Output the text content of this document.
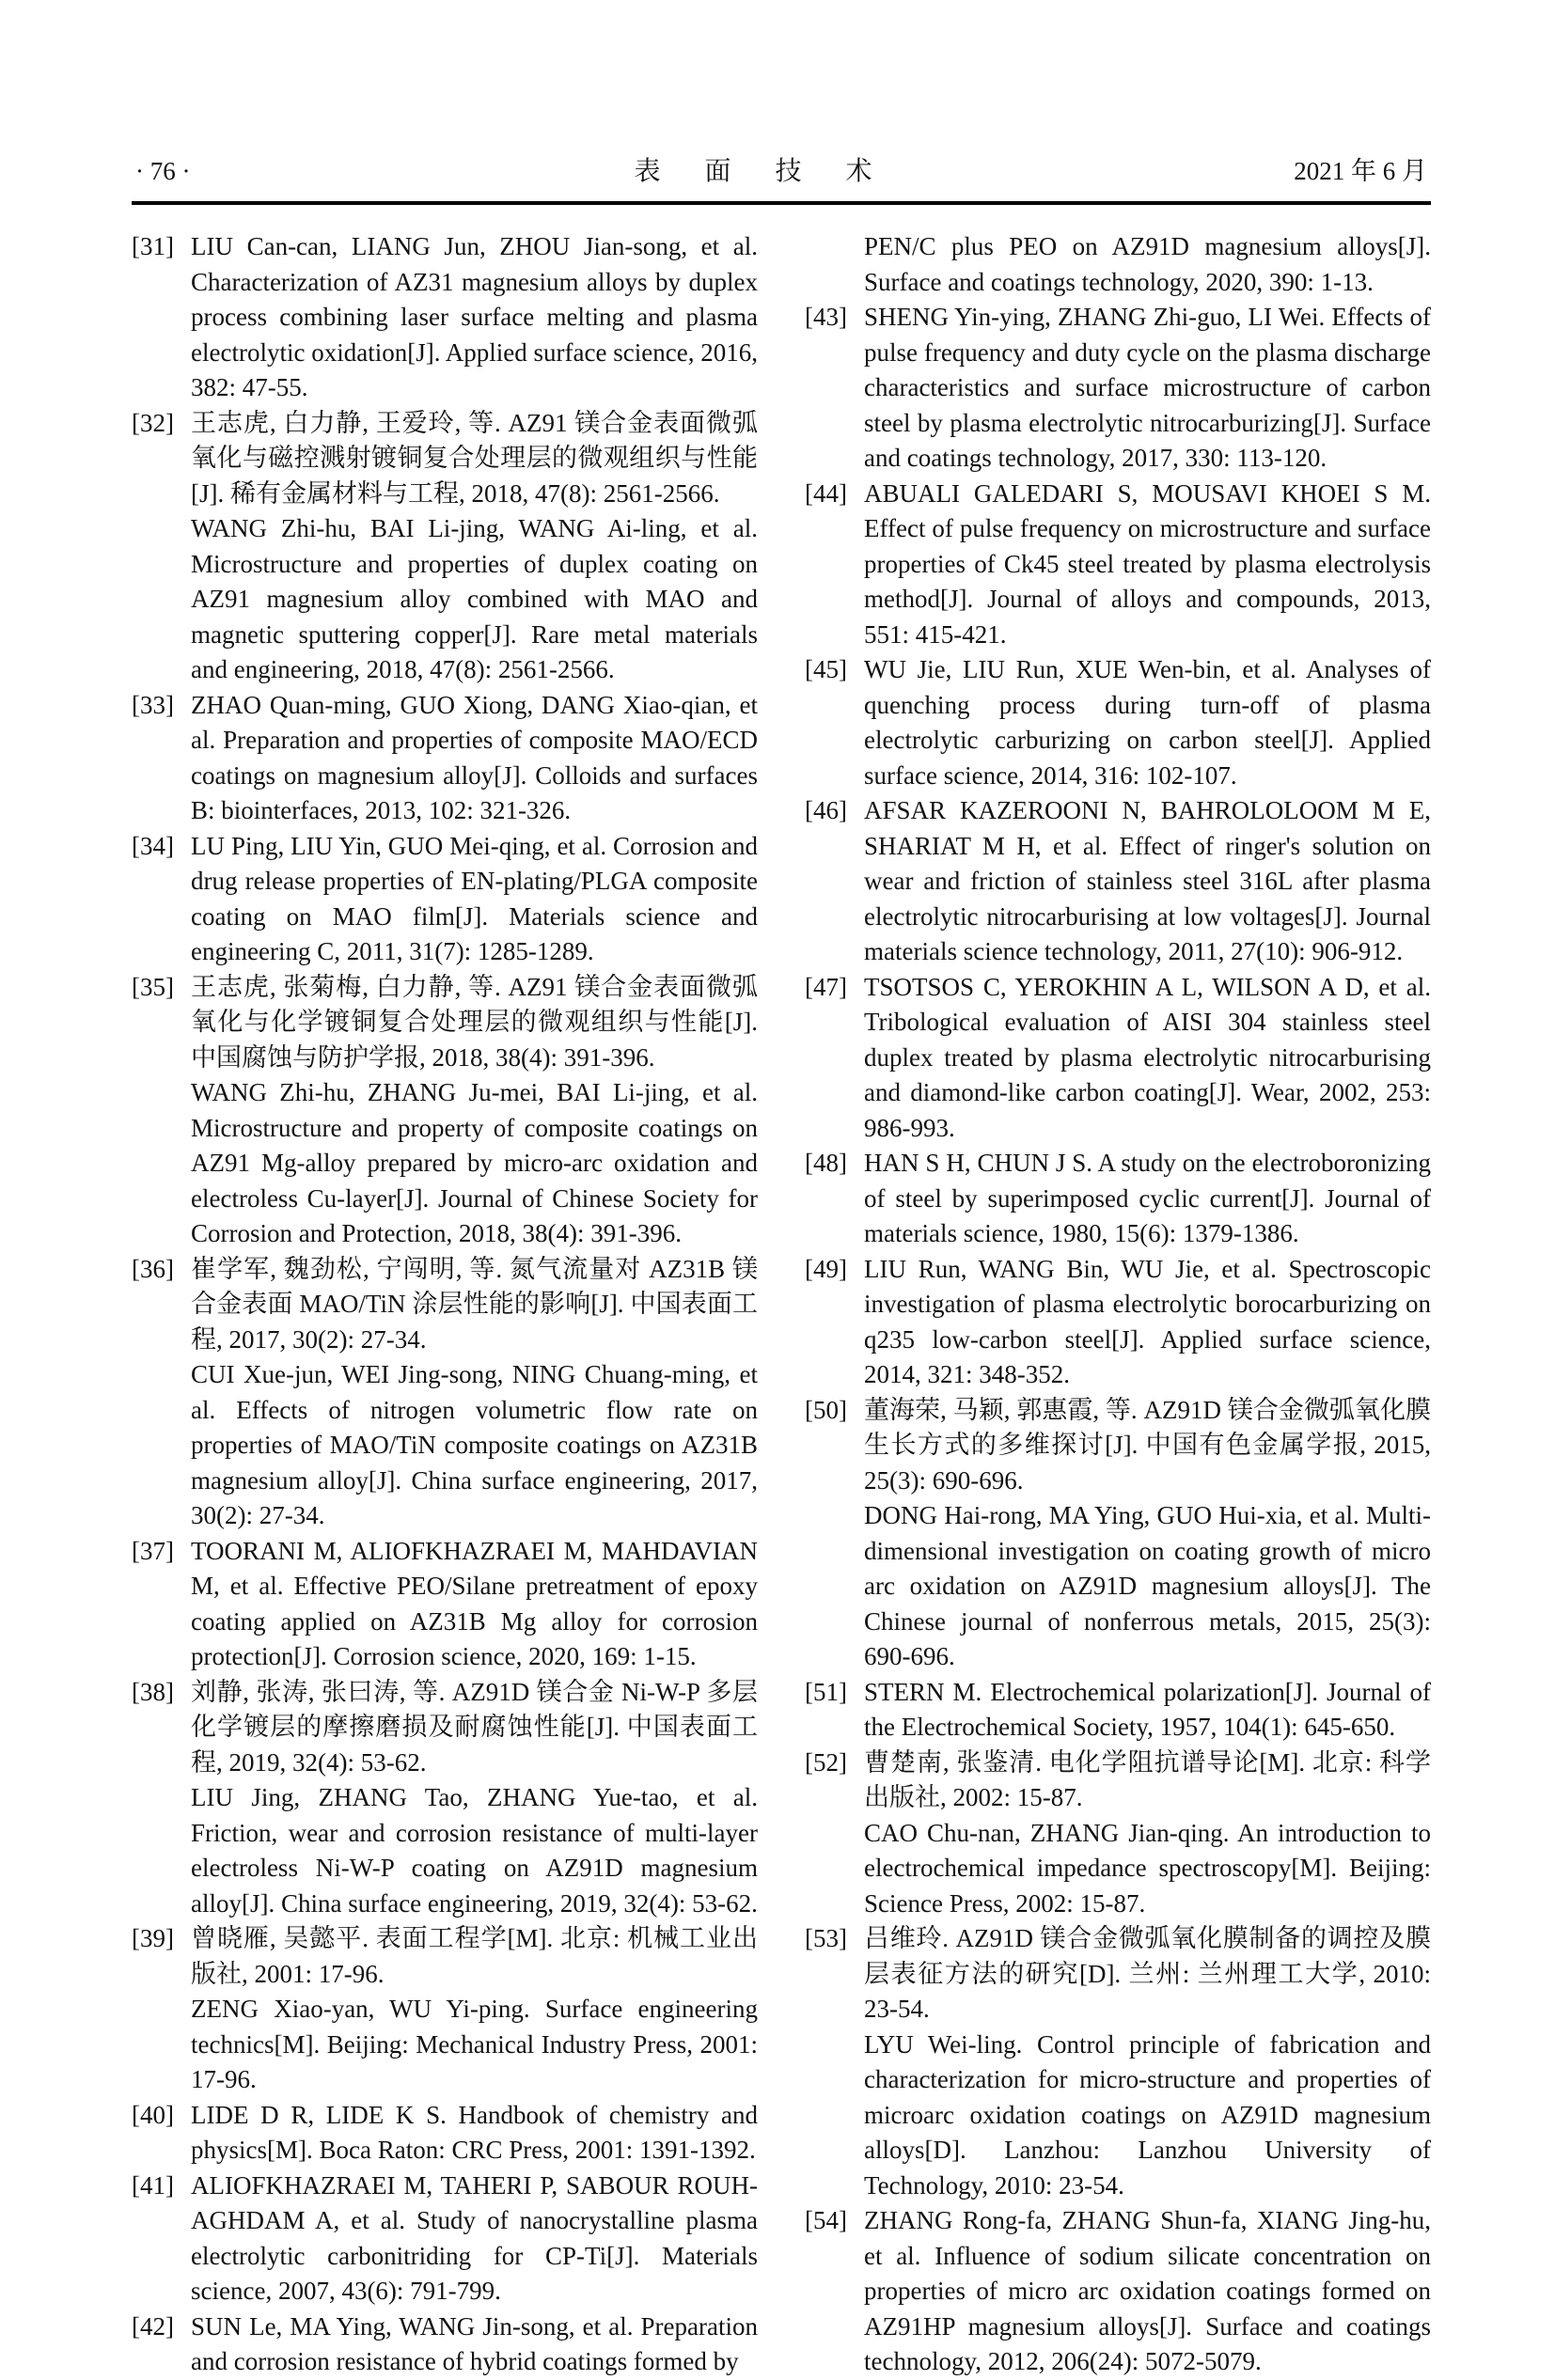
· 76 ·	表 面 技 术	2021 年 6 月
[31] LIU Can-can, LIANG Jun, ZHOU Jian-song, et al. Characterization of AZ31 magnesium alloys by duplex process combining laser surface melting and plasma electrolytic oxidation[J]. Applied surface science, 2016, 382: 47-55.
[32] 王志虎, 白力静, 王爱玲, 等. AZ91 镁合金表面微弧氧化与磁控溅射镀铜复合处理层的微观组织与性能[J]. 稀有金属材料与工程, 2018, 47(8): 2561-2566.
WANG Zhi-hu, BAI Li-jing, WANG Ai-ling, et al. Microstructure and properties of duplex coating on AZ91 magnesium alloy combined with MAO and magnetic sputtering copper[J]. Rare metal materials and engineering, 2018, 47(8): 2561-2566.
[33] ZHAO Quan-ming, GUO Xiong, DANG Xiao-qian, et al. Preparation and properties of composite MAO/ECD coatings on magnesium alloy[J]. Colloids and surfaces B: biointerfaces, 2013, 102: 321-326.
[34] LU Ping, LIU Yin, GUO Mei-qing, et al. Corrosion and drug release properties of EN-plating/PLGA composite coating on MAO film[J]. Materials science and engineering C, 2011, 31(7): 1285-1289.
[35] 王志虎, 张菊梅, 白力静, 等. AZ91 镁合金表面微弧氧化与化学镀铜复合处理层的微观组织与性能[J]. 中国腐蚀与防护学报, 2018, 38(4): 391-396.
WANG Zhi-hu, ZHANG Ju-mei, BAI Li-jing, et al. Microstructure and property of composite coatings on AZ91 Mg-alloy prepared by micro-arc oxidation and electroless Cu-layer[J]. Journal of Chinese Society for Corrosion and Protection, 2018, 38(4): 391-396.
[36] 崔学军, 魏劲松, 宁闯明, 等. 氮气流量对 AZ31B 镁合金表面 MAO/TiN 涂层性能的影响[J]. 中国表面工程, 2017, 30(2): 27-34.
CUI Xue-jun, WEI Jing-song, NING Chuang-ming, et al. Effects of nitrogen volumetric flow rate on properties of MAO/TiN composite coatings on AZ31B magnesium alloy[J]. China surface engineering, 2017, 30(2): 27-34.
[37] TOORANI M, ALIOFKHAZRAEI M, MAHDAVIAN M, et al. Effective PEO/Silane pretreatment of epoxy coating applied on AZ31B Mg alloy for corrosion protection[J]. Corrosion science, 2020, 169: 1-15.
[38] 刘静, 张涛, 张曰涛, 等. AZ91D 镁合金 Ni-W-P 多层化学镀层的摩擦磨损及耐腐蚀性能[J]. 中国表面工程, 2019, 32(4): 53-62.
LIU Jing, ZHANG Tao, ZHANG Yue-tao, et al. Friction, wear and corrosion resistance of multi-layer electroless Ni-W-P coating on AZ91D magnesium alloy[J]. China surface engineering, 2019, 32(4): 53-62.
[39] 曾晓雁, 吴懿平. 表面工程学[M]. 北京: 机械工业出版社, 2001: 17-96.
ZENG Xiao-yan, WU Yi-ping. Surface engineering technics[M]. Beijing: Mechanical Industry Press, 2001: 17-96.
[40] LIDE D R, LIDE K S. Handbook of chemistry and physics[M]. Boca Raton: CRC Press, 2001: 1391-1392.
[41] ALIOFKHAZRAEI M, TAHERI P, SABOUR ROUH-AGHDAM A, et al. Study of nanocrystalline plasma electrolytic carbonitriding for CP-Ti[J]. Materials science, 2007, 43(6): 791-799.
[42] SUN Le, MA Ying, WANG Jin-song, et al. Preparation and corrosion resistance of hybrid coatings formed by
PEN/C plus PEO on AZ91D magnesium alloys[J]. Surface and coatings technology, 2020, 390: 1-13.
[43] SHENG Yin-ying, ZHANG Zhi-guo, LI Wei. Effects of pulse frequency and duty cycle on the plasma discharge characteristics and surface microstructure of carbon steel by plasma electrolytic nitrocarburizing[J]. Surface and coatings technology, 2017, 330: 113-120.
[44] ABUALI GALEDARI S, MOUSAVI KHOEI S M. Effect of pulse frequency on microstructure and surface properties of Ck45 steel treated by plasma electrolysis method[J]. Journal of alloys and compounds, 2013, 551: 415-421.
[45] WU Jie, LIU Run, XUE Wen-bin, et al. Analyses of quenching process during turn-off of plasma electrolytic carburizing on carbon steel[J]. Applied surface science, 2014, 316: 102-107.
[46] AFSAR KAZEROONI N, BAHROLOLOOM M E, SHARIAT M H, et al. Effect of ringer's solution on wear and friction of stainless steel 316L after plasma electrolytic nitrocarburising at low voltages[J]. Journal materials science technology, 2011, 27(10): 906-912.
[47] TSOTSOS C, YEROKHIN A L, WILSON A D, et al. Tribological evaluation of AISI 304 stainless steel duplex treated by plasma electrolytic nitrocarburising and diamond-like carbon coating[J]. Wear, 2002, 253: 986-993.
[48] HAN S H, CHUN J S. A study on the electroboronizing of steel by superimposed cyclic current[J]. Journal of materials science, 1980, 15(6): 1379-1386.
[49] LIU Run, WANG Bin, WU Jie, et al. Spectroscopic investigation of plasma electrolytic borocarburizing on q235 low-carbon steel[J]. Applied surface science, 2014, 321: 348-352.
[50] 董海荣, 马颖, 郭惠霞, 等. AZ91D 镁合金微弧氧化膜生长方式的多维探讨[J]. 中国有色金属学报, 2015, 25(3): 690-696.
DONG Hai-rong, MA Ying, GUO Hui-xia, et al. Multi-dimensional investigation on coating growth of micro arc oxidation on AZ91D magnesium alloys[J]. The Chinese journal of nonferrous metals, 2015, 25(3): 690-696.
[51] STERN M. Electrochemical polarization[J]. Journal of the Electrochemical Society, 1957, 104(1): 645-650.
[52] 曹楚南, 张鉴清. 电化学阻抗谱导论[M]. 北京: 科学出版社, 2002: 15-87.
CAO Chu-nan, ZHANG Jian-qing. An introduction to electrochemical impedance spectroscopy[M]. Beijing: Science Press, 2002: 15-87.
[53] 吕维玲. AZ91D 镁合金微弧氧化膜制备的调控及膜层表征方法的研究[D]. 兰州: 兰州理工大学, 2010: 23-54.
LYU Wei-ling. Control principle of fabrication and characterization for micro-structure and properties of microarc oxidation coatings on AZ91D magnesium alloys[D]. Lanzhou: Lanzhou University of Technology, 2010: 23-54.
[54] ZHANG Rong-fa, ZHANG Shun-fa, XIANG Jing-hu, et al. Influence of sodium silicate concentration on properties of micro arc oxidation coatings formed on AZ91HP magnesium alloys[J]. Surface and coatings technology, 2012, 206(24): 5072-5079.
